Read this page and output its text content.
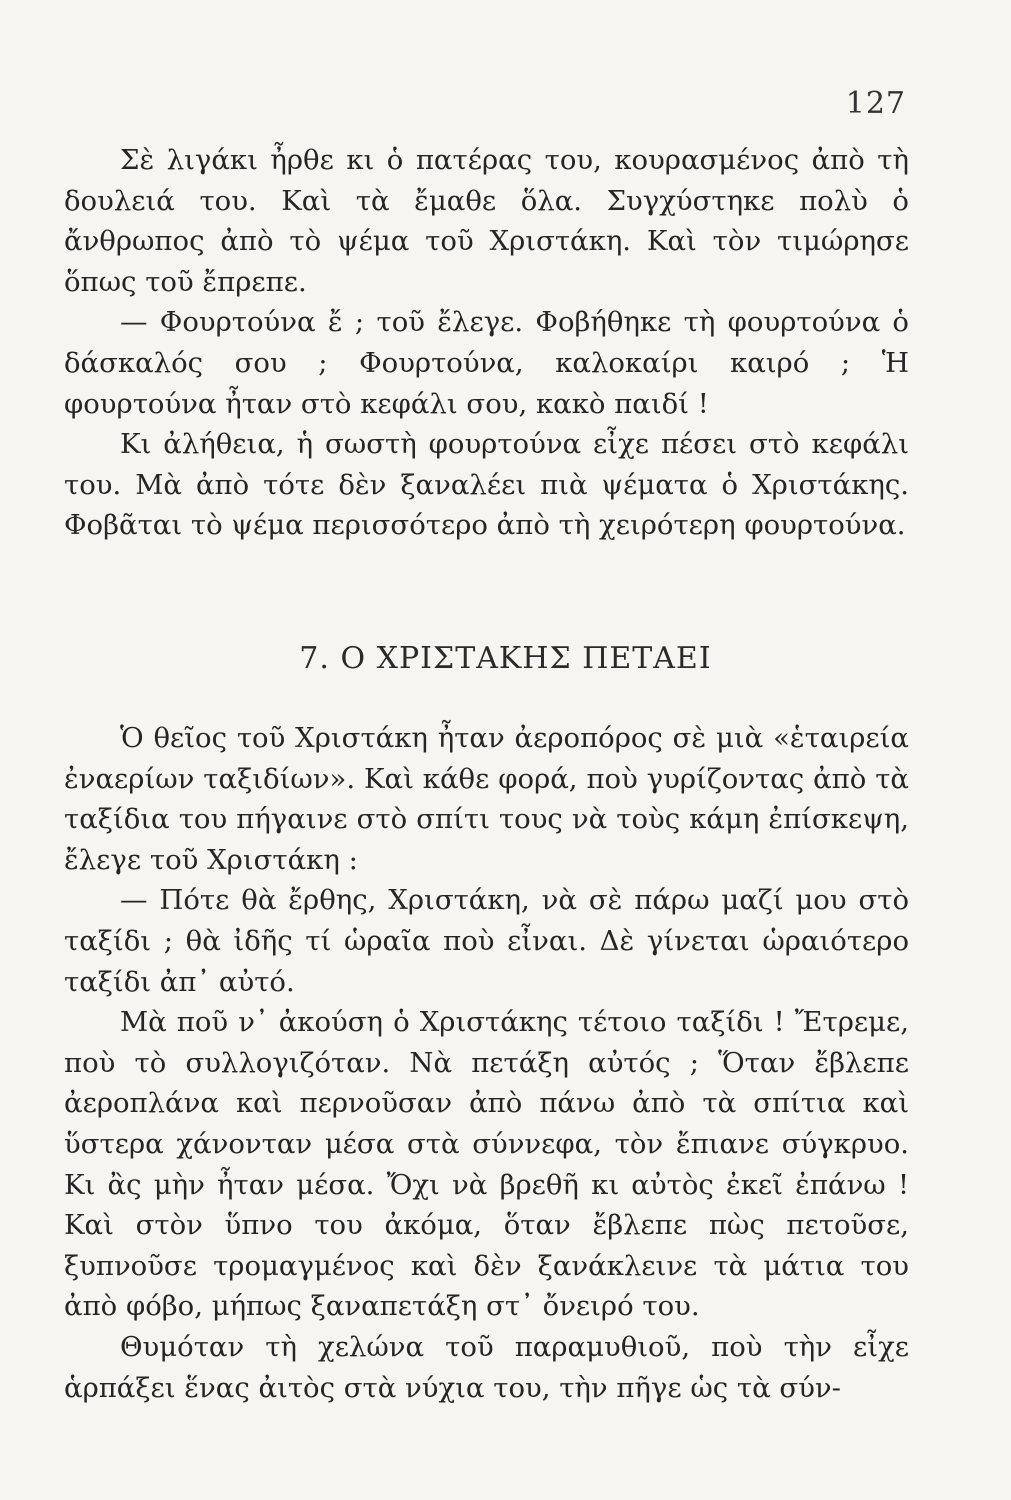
127

Σὲ λιγάκι ἦρθε κι ὁ πατέρας του, κουρασμένος ἀπὸ τὴ δουλειά του. Καὶ τὰ ἔμαθε ὅλα. Συγχύστηκε πολὺ ὁ ἄνθρωπος ἀπὸ τὸ ψέμα τοῦ Χριστάκη. Καὶ τὸν τιμώρησε ὅπως τοῦ ἔπρεπε.

— Φουρτούνα ἔ ; τοῦ ἔλεγε. Φοβήθηκε τὴ φουρτούνα ὁ δάσκαλός σου ; Φουρτούνα, καλοκαίρι καιρό ; Ἡ φουρτούνα ἦταν στὸ κεφάλι σου, κακὸ παιδί !

Κι ἀλήθεια, ἡ σωστὴ φουρτούνα εἶχε πέσει στὸ κεφάλι του. Μὰ ἀπὸ τότε δὲν ξαναλέει πιὰ ψέματα ὁ Χριστάκης. Φοβᾶται τὸ ψέμα περισσότερο ἀπὸ τὴ χειρότερη φουρτούνα.

7. Ο ΧΡΙΣΤΑΚΗΣ ΠΕΤΑΕΙ

Ὁ θεῖος τοῦ Χριστάκη ἦταν ἀεροπόρος σὲ μιὰ «ἑταιρεία ἐναερίων ταξιδίων». Καὶ κάθε φορά, ποὺ γυρίζοντας ἀπὸ τὰ ταξίδια του πήγαινε στὸ σπίτι τους νὰ τοὺς κάμη ἐπίσκεψη, ἔλεγε τοῦ Χριστάκη :

— Πότε θὰ ἔρθης, Χριστάκη, νὰ σὲ πάρω μαζί μου στὸ ταξίδι ; θὰ ἰδῆς τί ὡραῖα ποὺ εἶναι. Δὲ γίνεται ὡραιότερο ταξίδι ἀπ᾿ αὐτό.

Μὰ ποῦ ν᾿ ἀκούση ὁ Χριστάκης τέτοιο ταξίδι ! Ἔτρεμε, ποὺ τὸ συλλογιζόταν. Νὰ πετάξη αὐτός ; Ὅταν ἔβλεπε ἀεροπλάνα καὶ περνοῦσαν ἀπὸ πάνω ἀπὸ τὰ σπίτια καὶ ὕστερα χάνονταν μέσα στὰ σύννεφα, τὸν ἔπιανε σύγκρυο. Κι ἂς μὴν ἦταν μέσα. Ὄχι νὰ βρεθῆ κι αὐτὸς ἐκεῖ ἐπάνω ! Καὶ στὸν ὕπνο του ἀκόμα, ὅταν ἔβλεπε πὼς πετοῦσε, ξυπνοῦσε τρομαγμένος καὶ δὲν ξανάκλεινε τὰ μάτια του ἀπὸ φόβο, μήπως ξαναπετάξη στ᾿ ὄνειρό του.

Θυμόταν τὴ χελώνα τοῦ παραμυθιοῦ, ποὺ τὴν εἶχε ἁρπάξει ἕνας ἀιτὸς στὰ νύχια του, τὴν πῆγε ὡς τὰ σύν-
